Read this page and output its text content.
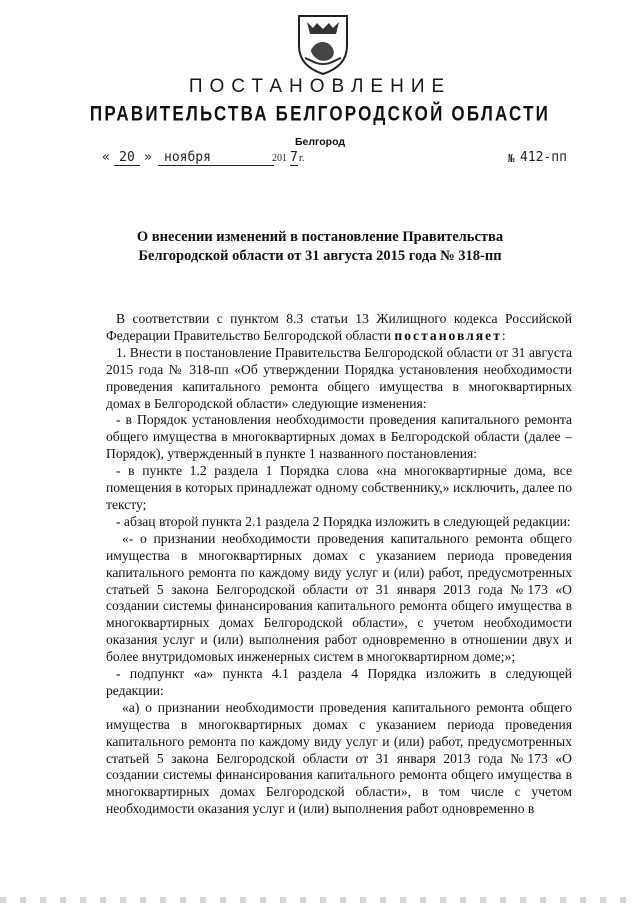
ПОСТАНОВЛЕНИЕ
ПРАВИТЕЛЬСТВА БЕЛГОРОДСКОЙ ОБЛАСТИ
Белгород
« 20 » ноября	201 7 г.	№ 412-пп
О внесении изменений в постановление Правительства
Белгородской области от 31 августа 2015 года № 318-пп

В соответствии с пунктом 8.3 статьи 13 Жилищного кодекса Российской Федерации Правительство Белгородской области постановляет:

1. Внести в постановление Правительства Белгородской области от 31 августа 2015 года № 318-пп «Об утверждении Порядка установления необходимости проведения капитального ремонта общего имущества в многоквартирных домах в Белгородской области» следующие изменения:

- в Порядок установления необходимости проведения капитального ремонта общего имущества в многоквартирных домах в Белгородской области (далее – Порядок), утвержденный в пункте 1 названного постановления:

- в пункте 1.2 раздела 1 Порядка слова «на многоквартирные дома, все помещения в которых принадлежат одному собственнику,» исключить, далее по тексту;

- абзац второй пункта 2.1 раздела 2 Порядка изложить в следующей редакции:

«- о признании необходимости проведения капитального ремонта общего имущества в многоквартирных домах с указанием периода проведения капитального ремонта по каждому виду услуг и (или) работ, предусмотренных статьей 5 закона Белгородской области от 31 января 2013 года №173 «О создании системы финансирования капитального ремонта общего имущества в многоквартирных домах Белгородской области», с учетом необходимости оказания услуг и (или) выполнения работ одновременно в отношении двух и более внутридомовых инженерных систем в многоквартирном доме;»;

- подпункт «а» пункта 4.1 раздела 4 Порядка изложить в следующей редакции:

«а) о признании необходимости проведения капитального ремонта общего имущества в многоквартирных домах с указанием периода проведения капитального ремонта по каждому виду услуг и (или) работ, предусмотренных статьей 5 закона Белгородской области от 31 января 2013 года №173 «О создании системы финансирования капитального ремонта общего имущества в многоквартирных домах Белгородской области», в том числе с учетом необходимости оказания услуг и (или) выполнения работ одновременно в
